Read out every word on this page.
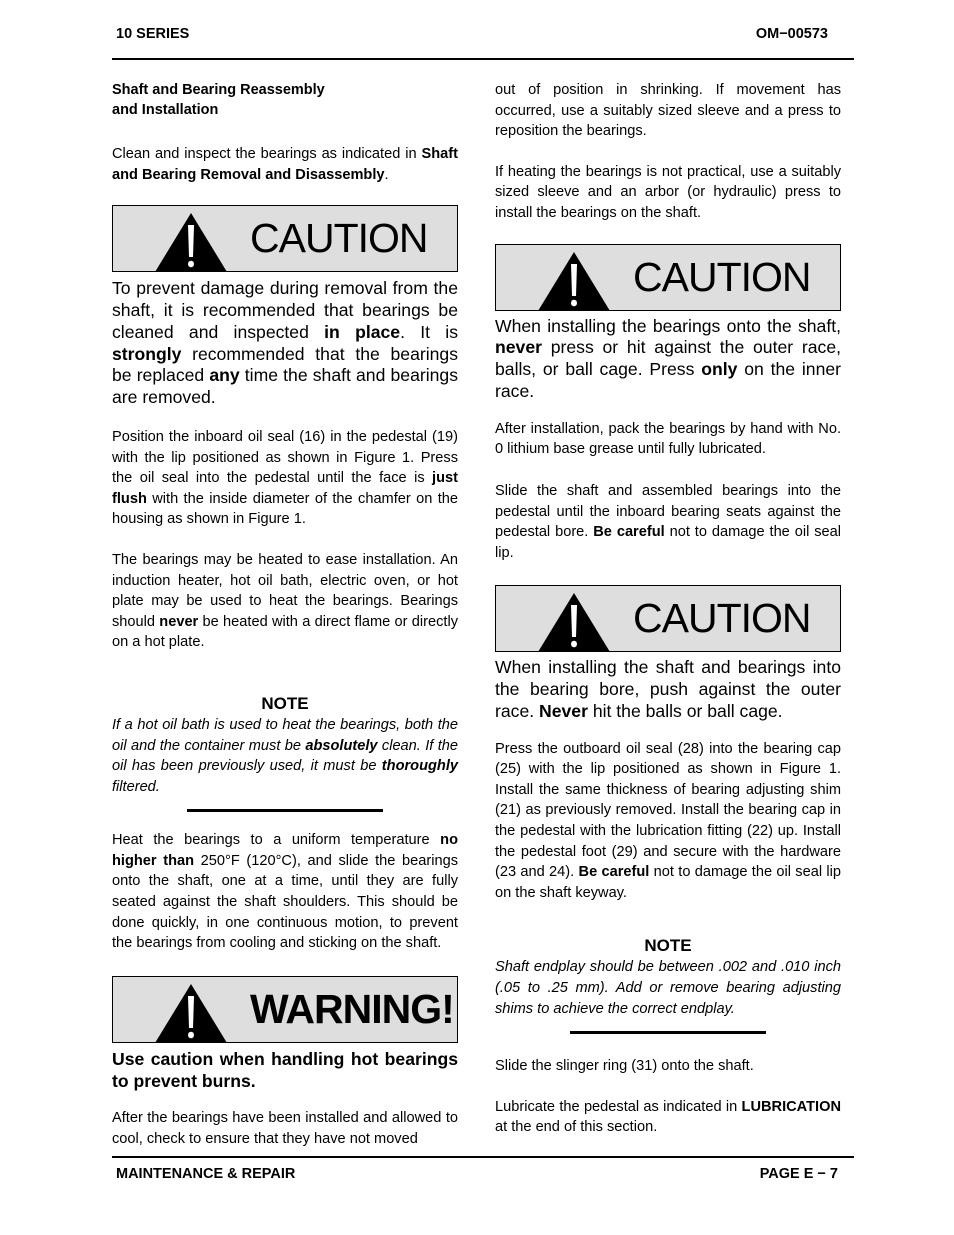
10 SERIES	OM−00573
Shaft and Bearing Reassembly
and Installation

Clean and inspect the bearings as indicated in Shaft and Bearing Removal and Disassembly.

CAUTION

To prevent damage during removal from the shaft, it is recommended that bearings be cleaned and inspected in place. It is strongly recommended that the bearings be replaced any time the shaft and bearings are removed.

Position the inboard oil seal (16) in the pedestal (19) with the lip positioned as shown in Figure 1. Press the oil seal into the pedestal until the face is just flush with the inside diameter of the chamfer on the housing as shown in Figure 1.

The bearings may be heated to ease installation. An induction heater, hot oil bath, electric oven, or hot plate may be used to heat the bearings. Bearings should never be heated with a direct flame or directly on a hot plate.

NOTE

If a hot oil bath is used to heat the bearings, both the oil and the container must be absolutely clean. If the oil has been previously used, it must be thoroughly filtered.

Heat the bearings to a uniform temperature no higher than 250°F (120°C), and slide the bearings onto the shaft, one at a time, until they are fully seated against the shaft shoulders. This should be done quickly, in one continuous motion, to prevent the bearings from cooling and sticking on the shaft.

WARNING!

Use caution when handling hot bearings to prevent burns.

After the bearings have been installed and allowed to cool, check to ensure that they have not moved

out of position in shrinking. If movement has occurred, use a suitably sized sleeve and a press to reposition the bearings.

If heating the bearings is not practical, use a suitably sized sleeve and an arbor (or hydraulic) press to install the bearings on the shaft.

CAUTION

When installing the bearings onto the shaft, never press or hit against the outer race, balls, or ball cage. Press only on the inner race.

After installation, pack the bearings by hand with No. 0 lithium base grease until fully lubricated.

Slide the shaft and assembled bearings into the pedestal until the inboard bearing seats against the pedestal bore. Be careful not to damage the oil seal lip.

CAUTION

When installing the shaft and bearings into the bearing bore, push against the outer race. Never hit the balls or ball cage.

Press the outboard oil seal (28) into the bearing cap (25) with the lip positioned as shown in Figure 1. Install the same thickness of bearing adjusting shim (21) as previously removed. Install the bearing cap in the pedestal with the lubrication fitting (22) up. Install the pedestal foot (29) and secure with the hardware (23 and 24). Be careful not to damage the oil seal lip on the shaft keyway.

NOTE

Shaft endplay should be between .002 and .010 inch (.05 to .25 mm). Add or remove bearing adjusting shims to achieve the correct endplay.

Slide the slinger ring (31) onto the shaft.

Lubricate the pedestal as indicated in LUBRICATION at the end of this section.

MAINTENANCE & REPAIR	PAGE E − 7
